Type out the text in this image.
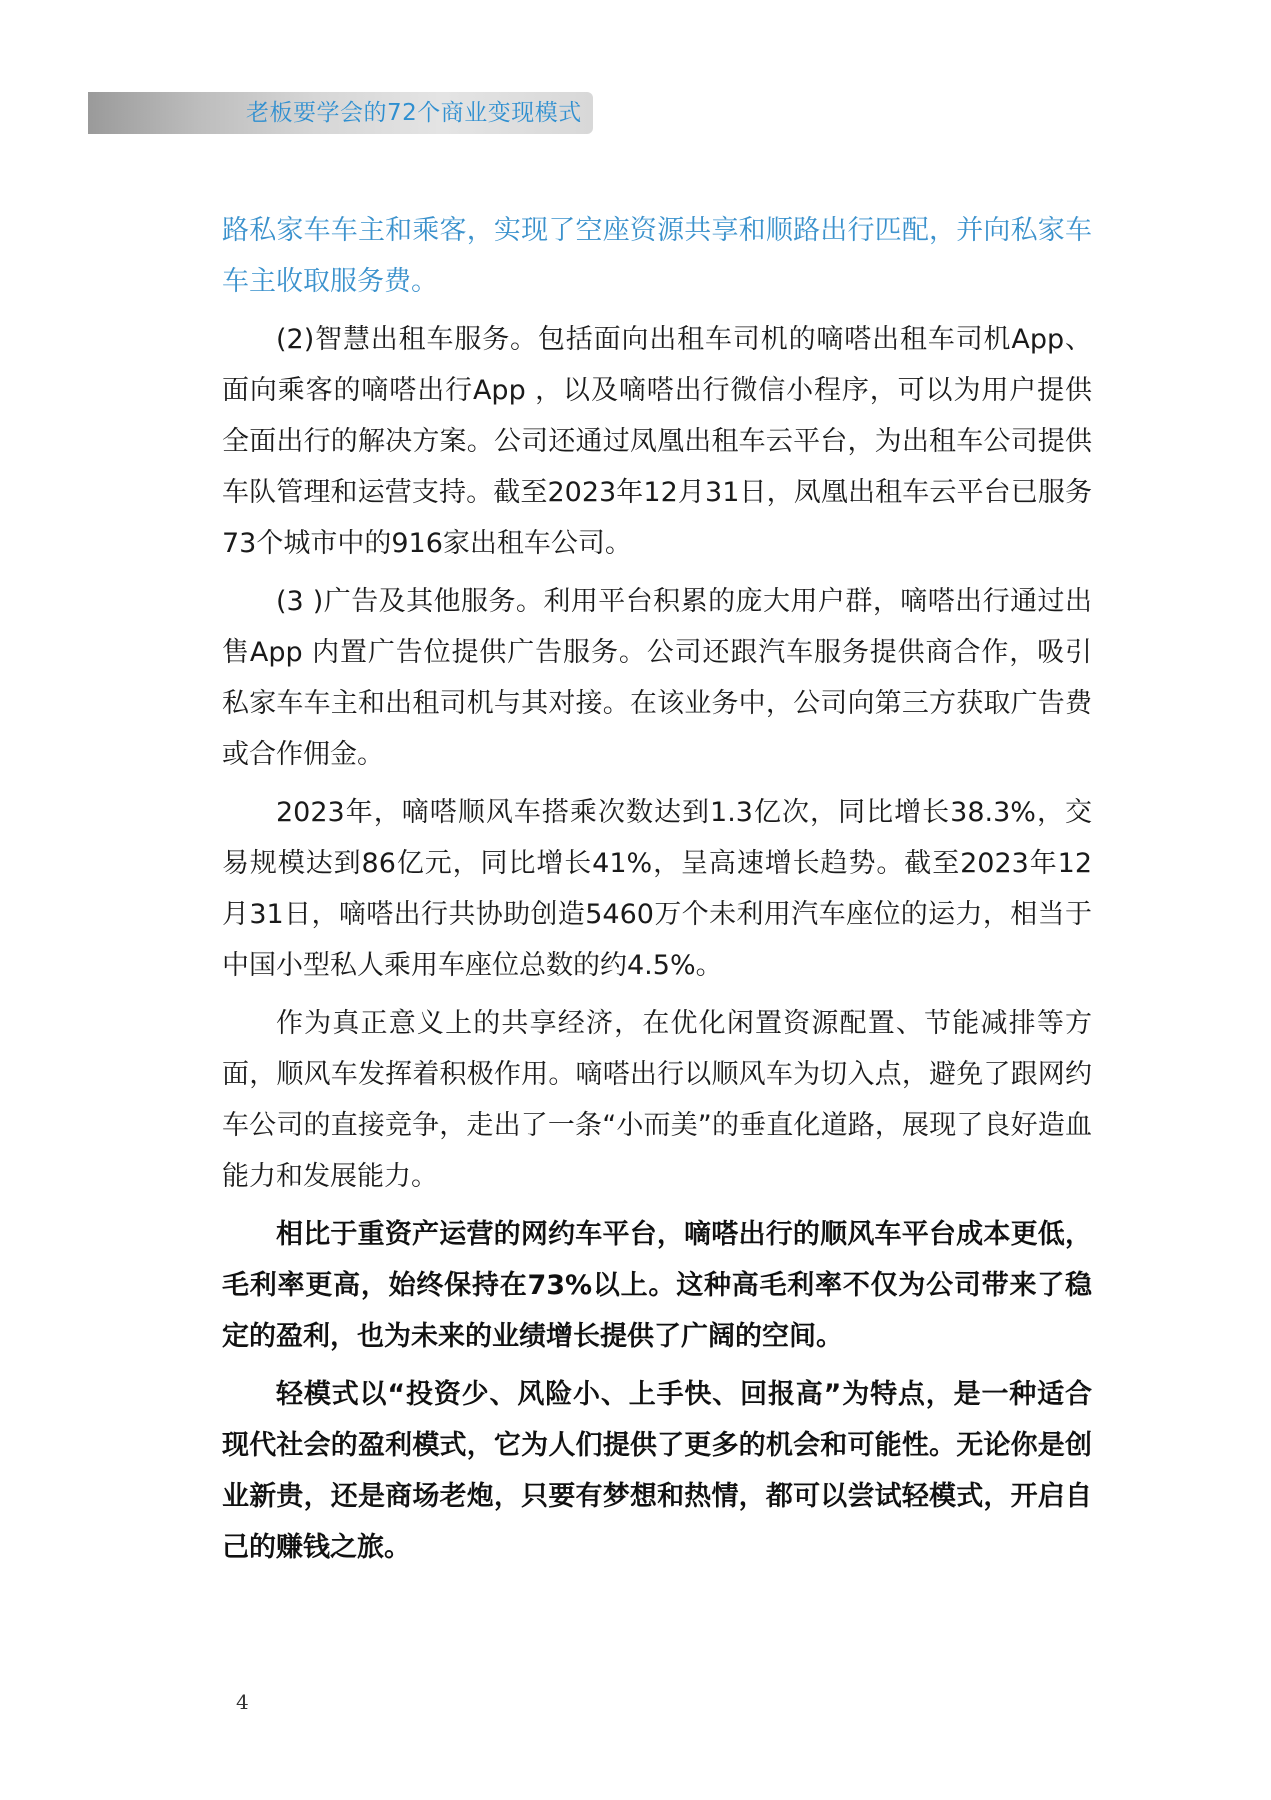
老板要学会的72个商业变现模式

路私家车车主和乘客，实现了空座资源共享和顺路出行匹配，并向私家车车主收取服务费。

(2)智慧出租车服务。包括面向出租车司机的嘀嗒出租车司机App、面向乘客的嘀嗒出行App ，以及嘀嗒出行微信小程序，可以为用户提供全面出行的解决方案。公司还通过凤凰出租车云平台，为出租车公司提供车队管理和运营支持。截至2023年12月31日，凤凰出租车云平台已服务73个城市中的916家出租车公司。

(3 )广告及其他服务。利用平台积累的庞大用户群，嘀嗒出行通过出售App 内置广告位提供广告服务。公司还跟汽车服务提供商合作，吸引私家车车主和出租司机与其对接。在该业务中，公司向第三方获取广告费或合作佣金。

2023年，嘀嗒顺风车搭乘次数达到1.3亿次，同比增长38.3%，交易规模达到86亿元，同比增长41%，呈高速增长趋势。截至2023年12月31日，嘀嗒出行共协助创造5460万个未利用汽车座位的运力，相当于中国小型私人乘用车座位总数的约4.5%。

作为真正意义上的共享经济，在优化闲置资源配置、节能减排等方面，顺风车发挥着积极作用。嘀嗒出行以顺风车为切入点，避免了跟网约车公司的直接竞争，走出了一条“小而美”的垂直化道路，展现了良好造血能力和发展能力。

相比于重资产运营的网约车平台，嘀嗒出行的顺风车平台成本更低，毛利率更高，始终保持在73%以上。这种高毛利率不仅为公司带来了稳定的盈利，也为未来的业绩增长提供了广阔的空间。

轻模式以“投资少、风险小、上手快、回报高”为特点，是一种适合现代社会的盈利模式，它为人们提供了更多的机会和可能性。无论你是创业新贵，还是商场老炮，只要有梦想和热情，都可以尝试轻模式，开启自己的赚钱之旅。

4
